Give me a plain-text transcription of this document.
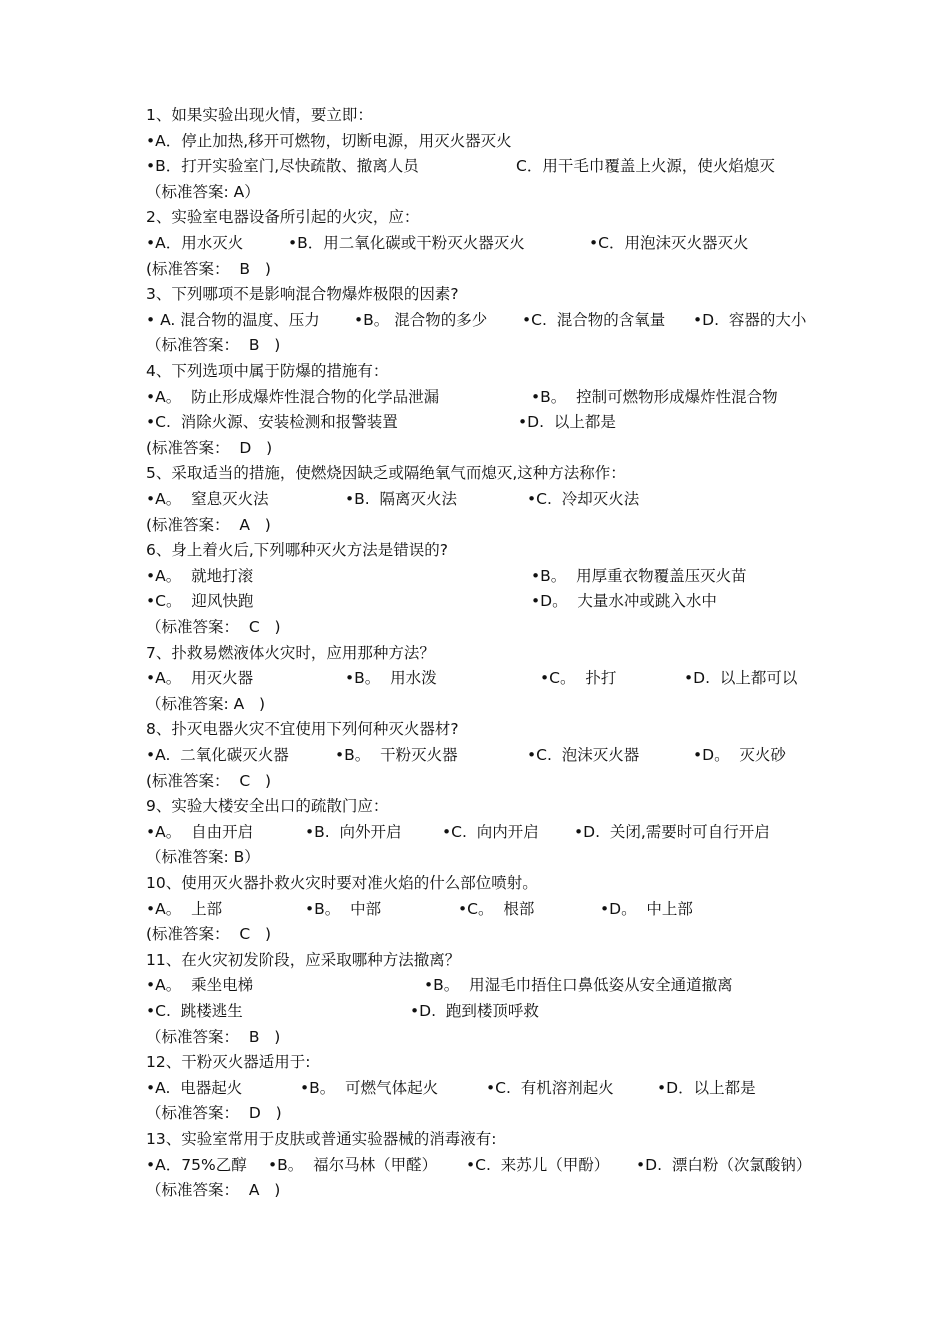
1、如果实验出现火情，要立即：
•A．停止加热,移开可燃物，切断电源，用灭火器灭火
•B．打开实验室门,尽快疏散、撤离人员	C．用干毛巾覆盖上火源，使火焰熄灭
（标准答案: A）
2、实验室电器设备所引起的火灾，应：
•A．用水灭火	•B．用二氧化碳或干粉灭火器灭火	•C．用泡沫灭火器灭火
(标准答案：  B   )
3、下列哪项不是影响混合物爆炸极限的因素?
• A. 混合物的温度、压力 •B。 混合物的多少 •C.  混合物的含氧量 •D.  容器的大小
（标准答案：  B   )
4、下列选项中属于防爆的措施有：
•A。  防止形成爆炸性混合物的化学品泄漏	•B。  控制可燃物形成爆炸性混合物
•C.  消除火源、安装检测和报警装置	•D.  以上都是
(标准答案：  D   )
5、采取适当的措施，使燃烧因缺乏或隔绝氧气而熄灭,这种方法称作：
•A。  窒息灭火法	•B.  隔离灭火法	•C.  冷却灭火法
(标准答案：  A   )
6、身上着火后,下列哪种灭火方法是错误的?
•A。  就地打滚	•B。  用厚重衣物覆盖压灭火苗
•C。  迎风快跑	•D。  大量水冲或跳入水中
（标准答案：  C   )
7、扑救易燃液体火灾时，应用那种方法？
•A。  用灭火器	•B。  用水泼	•C。  扑打	•D.  以上都可以
（标准答案: A   )
8、扑灭电器火灾不宜使用下列何种灭火器材?
•A.  二氧化碳灭火器	•B。  干粉灭火器	•C.  泡沫灭火器	•D。  灭火砂
(标准答案：  C   )
9、实验大楼安全出口的疏散门应：
•A。  自由开启	•B.  向外开启	•C.  向内开启 •D.  关闭,需要时可自行开启
（标准答案: B）
10、使用灭火器扑救火灾时要对准火焰的什么部位喷射。
•A。  上部	•B。  中部	•C。  根部	•D。  中上部
(标准答案：  C   )
11、在火灾初发阶段，应采取哪种方法撤离？
•A。  乘坐电梯	•B。  用湿毛巾捂住口鼻低姿从安全通道撤离
•C.  跳楼逃生	•D.  跑到楼顶呼救
（标准答案：  B   )
12、干粉灭火器适用于:
•A.  电器起火	•B。  可燃气体起火	•C.  有机溶剂起火	•D．以上都是
（标准答案：  D   )
13、实验室常用于皮肤或普通实验器械的消毒液有:
•A．75%乙醇 •B。  福尔马林（甲醛） •C.  来苏儿（甲酚） •D.  漂白粉（次氯酸钠）
（标准答案：  A   )
